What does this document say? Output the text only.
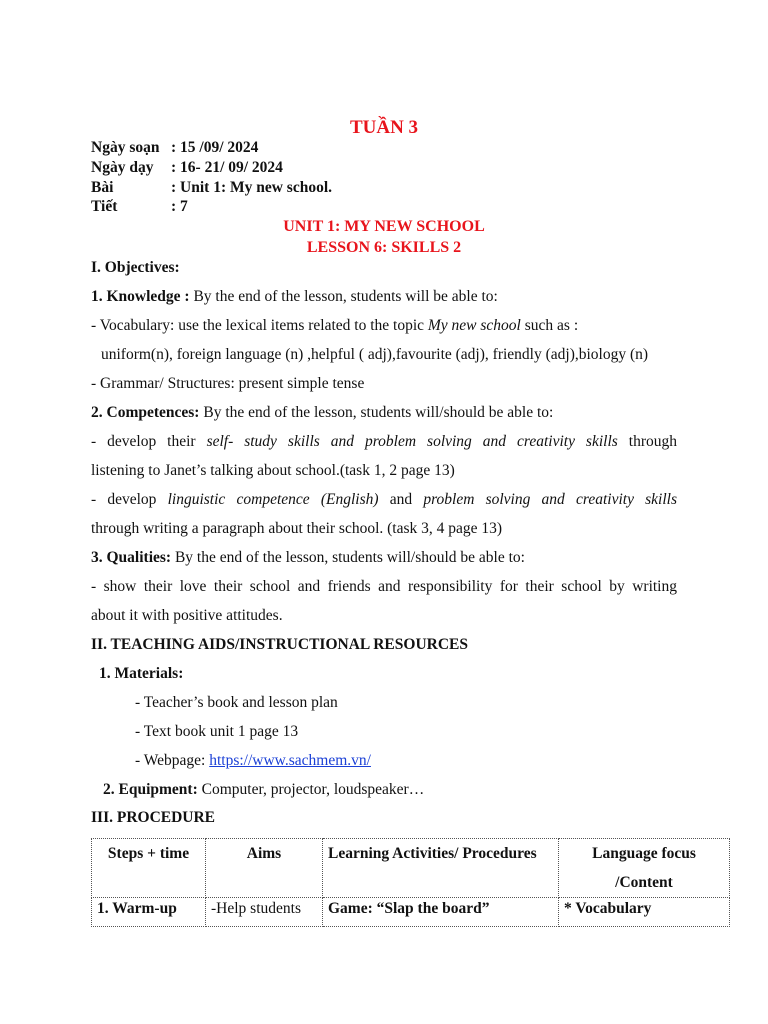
TUẦN 3
Ngày soạn : 15 /09/ 2024
Ngày dạy : 16- 21/ 09/ 2024
Bài	: Unit 1: My new school.
Tiết	: 7
UNIT 1: MY NEW SCHOOL
LESSON 6: SKILLS 2
I. Objectives:
1. Knowledge : By the end of the lesson, students will be able to:
- Vocabulary: use the lexical items related to the topic My new school such as :
uniform(n), foreign language (n) ,helpful ( adj),favourite (adj), friendly (adj),biology (n)
- Grammar/ Structures: present simple tense
2. Competences: By the end of the lesson, students will/should be able to:
- develop their self- study skills and problem solving and creativity skills through
listening to Janet’s talking about school.(task 1, 2 page 13)
- develop linguistic competence (English) and problem solving and creativity skills
through writing a paragraph about their school. (task 3, 4 page 13)
3. Qualities: By the end of the lesson, students will/should be able to:
- show their love their school and friends and responsibility for their school by writing
about it with positive attitudes.
II. TEACHING AIDS/INSTRUCTIONAL RESOURCES
1. Materials:
- Teacher’s book and lesson plan
- Text book unit 1 page 13
- Webpage: https://www.sachmem.vn/
2. Equipment: Computer, projector, loudspeaker…
III. PROCEDURE
Steps + time	Aims	Learning Activities/ Procedures	Language focus /Content
1. Warm-up	-Help students	Game: “Slap the board”	* Vocabulary
